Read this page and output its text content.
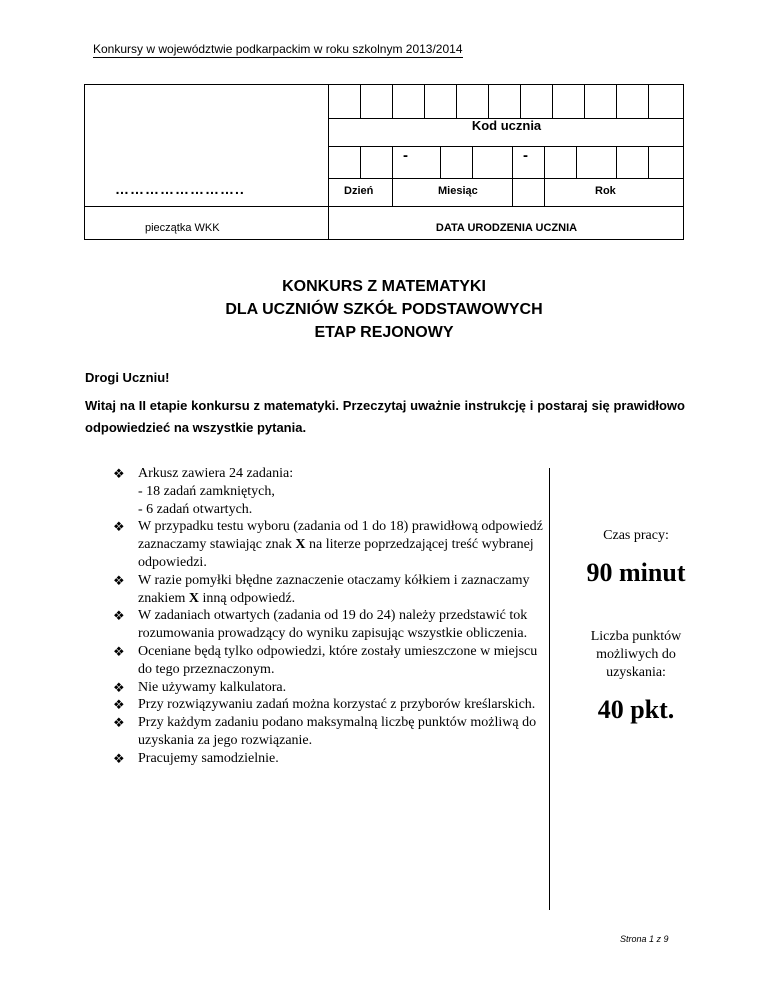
Konkursy w województwie podkarpackim w roku szkolnym 2013/2014
Kod ucznia
-	-
Dzień	Miesiąc	Rok
……………………..
pieczątka WKK	DATA URODZENIA UCZNIA
KONKURS Z MATEMATYKI
DLA UCZNIÓW SZKÓŁ PODSTAWOWYCH
ETAP REJONOWY
Drogi Uczniu!
Witaj na II etapie konkursu z matematyki. Przeczytaj uważnie instrukcję i postaraj się prawidłowo odpowiedzieć na wszystkie pytania.
❖ Arkusz zawiera 24 zadania:
- 18 zadań zamkniętych,
- 6 zadań otwartych.
❖ W przypadku testu wyboru (zadania od 1 do 18) prawidłową odpowiedź zaznaczamy stawiając znak X na literze poprzedzającej treść wybranej odpowiedzi.
❖ W razie pomyłki błędne zaznaczenie otaczamy kółkiem i zaznaczamy znakiem X inną odpowiedź.
❖ W zadaniach otwartych (zadania od 19 do 24) należy przedstawić tok rozumowania prowadzący do wyniku zapisując wszystkie obliczenia.
❖ Oceniane będą tylko odpowiedzi, które zostały umieszczone w miejscu do tego przeznaczonym.
❖ Nie używamy kalkulatora.
❖ Przy rozwiązywaniu zadań można korzystać z przyborów kreślarskich.
❖ Przy każdym zadaniu podano maksymalną liczbę punktów możliwą do uzyskania za jego rozwiązanie.
❖ Pracujemy samodzielnie.
Czas pracy:
90 minut
Liczba punktów możliwych do uzyskania:
40 pkt.
Strona 1 z 9
